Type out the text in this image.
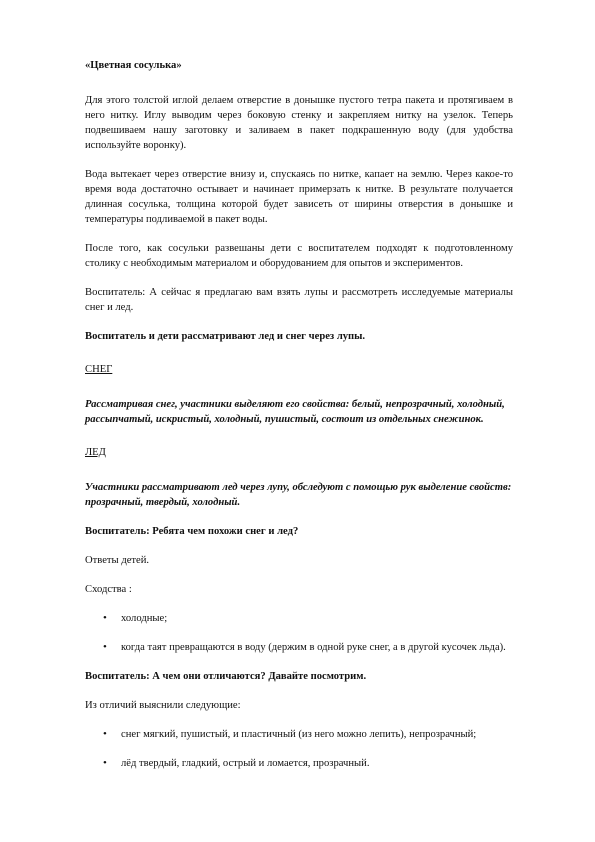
«Цветная сосулька»

Для этого толстой иглой делаем отверстие в донышке пустого тетра пакета и протягиваем в него нитку. Иглу выводим через боковую стенку и закрепляем нитку на узелок. Теперь подвешиваем нашу заготовку и заливаем в пакет подкрашенную воду (для удобства используйте воронку).

Вода вытекает через отверстие внизу и, спускаясь по нитке, капает на землю. Через какое-то время вода достаточно остывает и начинает примерзать к нитке. В результате получается длинная сосулька, толщина которой будет зависеть от ширины отверстия в донышке и температуры подливаемой в пакет воды.

После того, как сосульки развешаны дети с воспитателем подходят к подготовленному столику с необходимым материалом и оборудованием для опытов и экспериментов.

Воспитатель: А сейчас я предлагаю вам взять лупы и рассмотреть исследуемые материалы снег и лед.

Воспитатель и дети рассматривают лед и снег через лупы.

СНЕГ

Рассматривая снег, участники выделяют его свойства: белый, непрозрачный, холодный, рассыпчатый, искристый, холодный, пушистый, состоит из отдельных снежинок.

ЛЕД

Участники рассматривают лед через лупу, обследуют с помощью рук выделение свойств: прозрачный, твердый, холодный.

Воспитатель: Ребята чем похожи снег и лед?

Ответы детей.

Сходства :

• холодные;
• когда таят превращаются в воду (держим в одной руке снег, а в другой кусочек льда).

Воспитатель: А чем они отличаются? Давайте посмотрим.

Из отличий выяснили следующие:

• снег мягкий, пушистый, и пластичный (из него можно лепить), непрозрачный;
• лёд твердый, гладкий, острый и ломается, прозрачный.
